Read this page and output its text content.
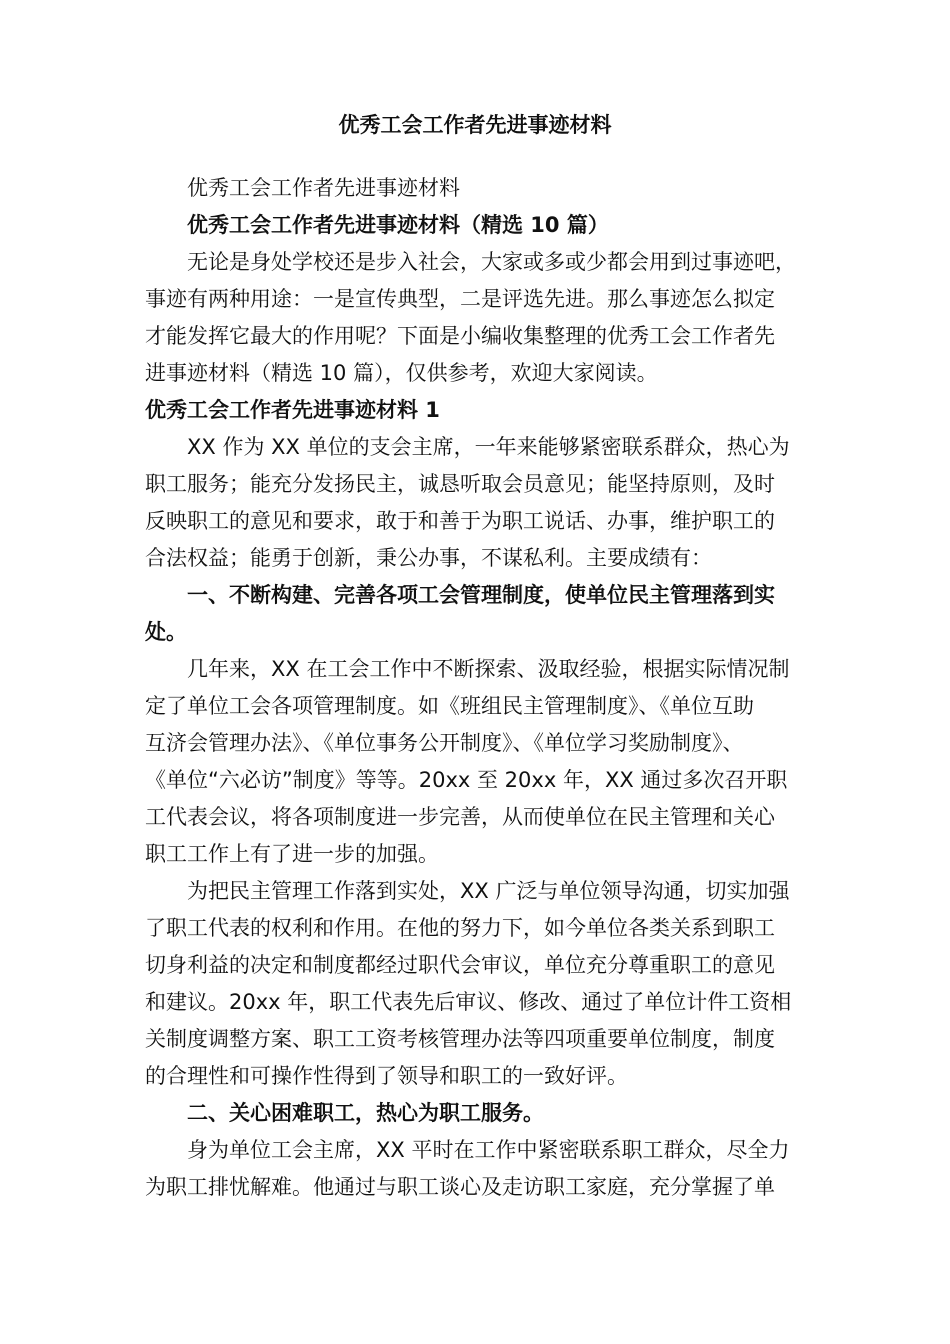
优秀工会工作者先进事迹材料
优秀工会工作者先进事迹材料
优秀工会工作者先进事迹材料（精选 10 篇）
无论是身处学校还是步入社会，大家或多或少都会用到过事迹吧，
事迹有两种用途：一是宣传典型，二是评选先进。那么事迹怎么拟定
才能发挥它最大的作用呢？下面是小编收集整理的优秀工会工作者先
进事迹材料（精选 10 篇），仅供参考，欢迎大家阅读。
优秀工会工作者先进事迹材料 1
XX 作为 XX 单位的支会主席，一年来能够紧密联系群众，热心为
职工服务；能充分发扬民主，诚恳听取会员意见；能坚持原则，及时
反映职工的意见和要求，敢于和善于为职工说话、办事，维护职工的
合法权益；能勇于创新，秉公办事，不谋私利。主要成绩有：
一、不断构建、完善各项工会管理制度，使单位民主管理落到实
处。
几年来，XX 在工会工作中不断探索、汲取经验，根据实际情况制
定了单位工会各项管理制度。如《班组民主管理制度》、《单位互助
互济会管理办法》、《单位事务公开制度》、《单位学习奖励制度》、
《单位“六必访”制度》等等。20xx 至 20xx 年，XX 通过多次召开职
工代表会议，将各项制度进一步完善，从而使单位在民主管理和关心
职工工作上有了进一步的加强。
为把民主管理工作落到实处，XX 广泛与单位领导沟通，切实加强
了职工代表的权利和作用。在他的努力下，如今单位各类关系到职工
切身利益的决定和制度都经过职代会审议，单位充分尊重职工的意见
和建议。20xx 年，职工代表先后审议、修改、通过了单位计件工资相
关制度调整方案、职工工资考核管理办法等四项重要单位制度，制度
的合理性和可操作性得到了领导和职工的一致好评。
二、关心困难职工，热心为职工服务。
身为单位工会主席，XX 平时在工作中紧密联系职工群众，尽全力
为职工排忧解难。他通过与职工谈心及走访职工家庭，充分掌握了单
